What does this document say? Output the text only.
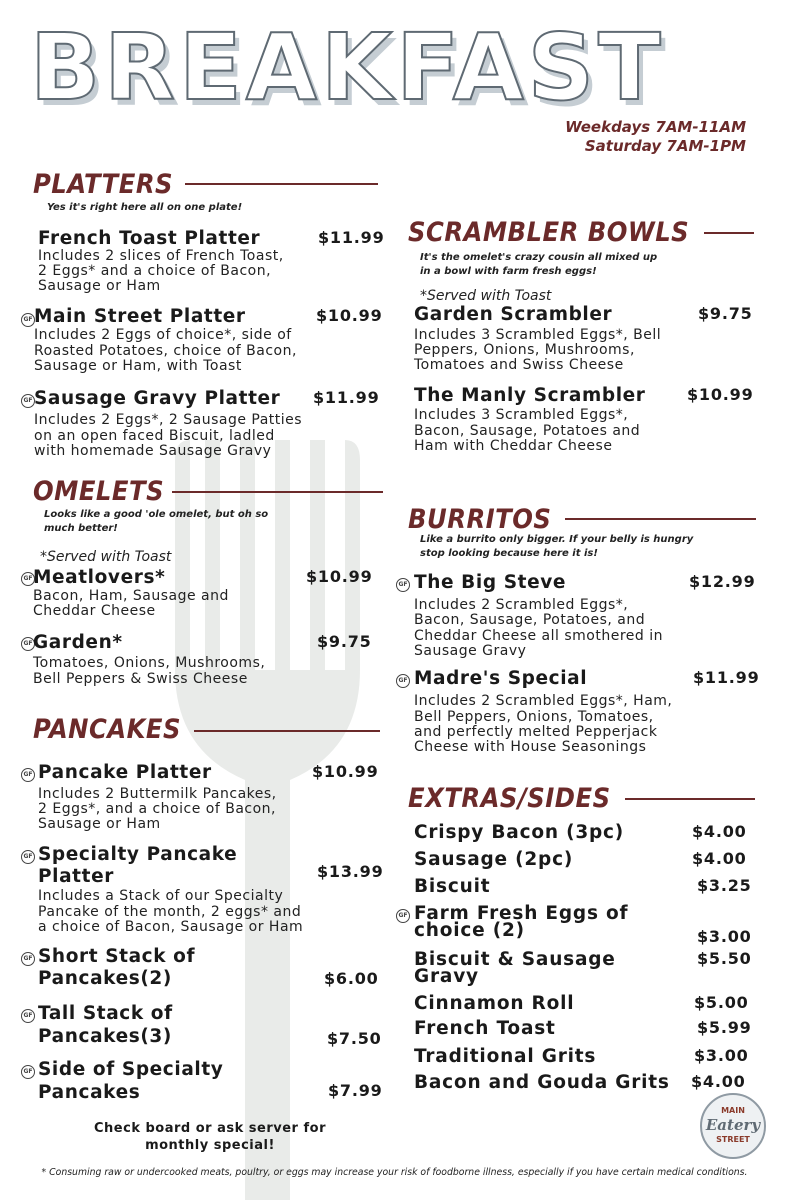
BREAKFAST
Weekdays 7AM-11AM
Saturday 7AM-1PM
PLATTERS
Yes it's right here all on one plate!
French Toast Platter	$11.99
Includes 2 slices of French Toast,
2 Eggs* and a choice of Bacon,
Sausage or Ham
GF Main Street Platter	$10.99
Includes 2 Eggs of choice*, side of
Roasted Potatoes, choice of Bacon,
Sausage or Ham, with Toast
GF Sausage Gravy Platter $11.99
Includes 2 Eggs*, 2 Sausage Patties
on an open faced Biscuit, ladled
with homemade Sausage Gravy
OMELETS
Looks like a good 'ole omelet, but oh so
much better!
*Served with Toast
GF Meatlovers*	$10.99
Bacon, Ham, Sausage and
Cheddar Cheese
GF Garden*	$9.75
Tomatoes, Onions, Mushrooms,
Bell Peppers & Swiss Cheese
PANCAKES
GF Pancake Platter	$10.99
Includes 2 Buttermilk Pancakes,
2 Eggs*, and a choice of Bacon,
Sausage or Ham
GF Specialty Pancake
Platter	$13.99
Includes a Stack of our Specialty
Pancake of the month, 2 eggs* and
a choice of Bacon, Sausage or Ham
GF Short Stack of
Pancakes(2)	$6.00
GF Tall Stack of
Pancakes(3)	$7.50
GF Side of Specialty
Pancakes	$7.99
Check board or ask server for
monthly special!
SCRAMBLER BOWLS
It's the omelet's crazy cousin all mixed up
in a bowl with farm fresh eggs!
*Served with Toast
Garden Scrambler	$9.75
Includes 3 Scrambled Eggs*, Bell
Peppers, Onions, Mushrooms,
Tomatoes and Swiss Cheese
The Manly Scrambler	$10.99
Includes 3 Scrambled Eggs*,
Bacon, Sausage, Potatoes and
Ham with Cheddar Cheese
BURRITOS
Like a burrito only bigger. If your belly is hungry
stop looking because here it is!
GF The Big Steve	$12.99
Includes 2 Scrambled Eggs*,
Bacon, Sausage, Potatoes, and
Cheddar Cheese all smothered in
Sausage Gravy
GF Madre's Special	$11.99
Includes 2 Scrambled Eggs*, Ham,
Bell Peppers, Onions, Tomatoes,
and perfectly melted Pepperjack
Cheese with House Seasonings
EXTRAS/SIDES
Crispy Bacon (3pc)	$4.00
Sausage (2pc)	$4.00
Biscuit	$3.25
GF Farm Fresh Eggs of
choice (2)	$3.00
Biscuit & Sausage
Gravy
$5.50
Cinnamon Roll	$5.00
French Toast	$5.99
Traditional Grits	$3.00
Bacon and Gouda Grits $4.00
MAIN
Eatery
STREET
* Consuming raw or undercooked meats, poultry, or eggs may increase your risk of foodborne illness, especially if you have certain medical conditions.
